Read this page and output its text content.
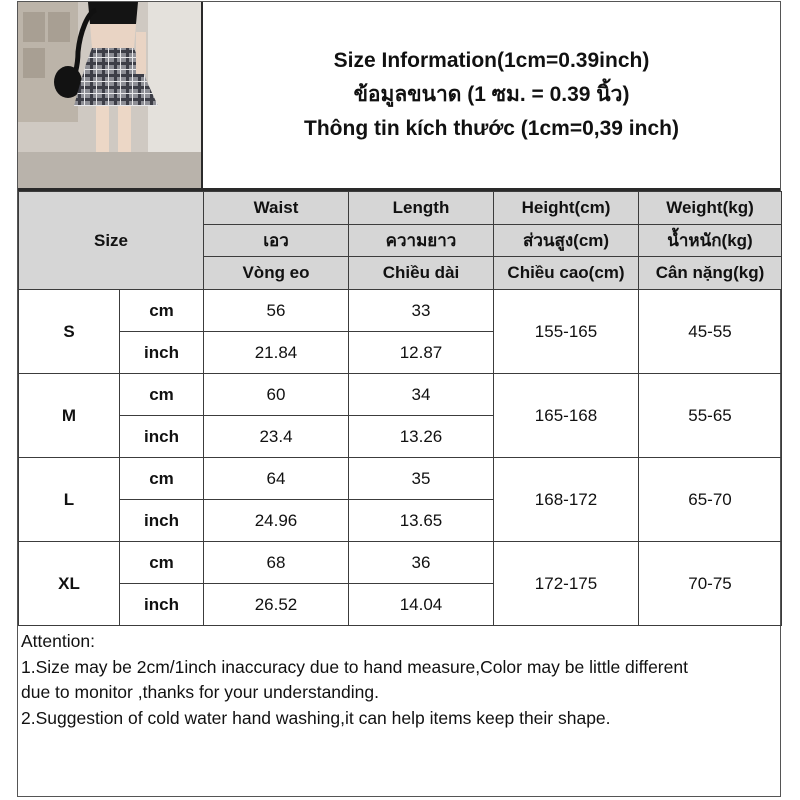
Size Information(1cm=0.39inch)
ข้อมูลขนาด (1 ซม. = 0.39 นิ้ว)
Thông tin kích thước (1cm=0,39 inch)
Size		Waist	Length	Height(cm)	Weight(kg)
		เอว	ความยาว	ส่วนสูง(cm)	น้ำหนัก(kg)
		Vòng eo	Chiều dài	Chiều cao(cm)	Cân nặng(kg)
S	cm	56	33	155-165	45-55
	inch	21.84	12.87		
M	cm	60	34	165-168	55-65
	inch	23.4	13.26		
L	cm	64	35	168-172	65-70
	inch	24.96	13.65		
XL	cm	68	36	172-175	70-75
	inch	26.52	14.04		
Attention:
1.Size may be 2cm/1inch inaccuracy due to hand measure,Color may be little different
due to monitor ,thanks for your understanding.
2.Suggestion of cold water hand washing,it can help items keep their shape.
